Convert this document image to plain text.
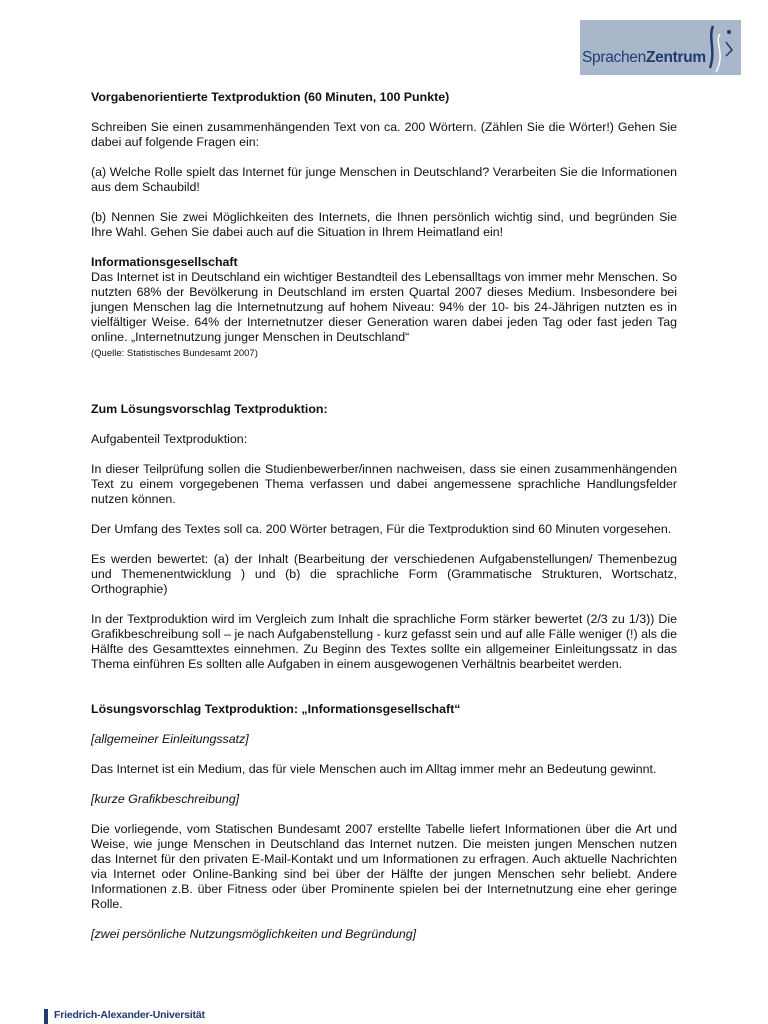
SprachenZentrum
Vorgabenorientierte Textproduktion (60 Minuten, 100 Punkte)
Schreiben Sie einen zusammenhängenden Text von ca. 200 Wörtern. (Zählen Sie die Wörter!) Gehen Sie dabei auf folgende Fragen ein:
(a) Welche Rolle spielt das Internet für junge Menschen in Deutschland? Verarbeiten Sie die Informationen aus dem Schaubild!
(b) Nennen Sie zwei Möglichkeiten des Internets, die Ihnen persönlich wichtig sind, und begründen Sie Ihre Wahl. Gehen Sie dabei auch auf die Situation in Ihrem Heimatland ein!
Informationsgesellschaft
Das Internet ist in Deutschland ein wichtiger Bestandteil des Lebensalltags von immer mehr Menschen. So nutzten 68% der Bevölkerung in Deutschland im ersten Quartal 2007 dieses Medium. Insbesondere bei jungen Menschen lag die Internetnutzung auf hohem Niveau: 94% der 10- bis 24-Jährigen nutzten es in vielfältiger Weise. 64% der Internetnutzer dieser Generation waren dabei jeden Tag oder fast jeden Tag online. „Internetnutzung junger Menschen in Deutschland“
(Quelle: Statistisches Bundesamt 2007)
Zum Lösungsvorschlag Textproduktion:
Aufgabenteil Textproduktion:
In dieser Teilprüfung sollen die Studienbewerber/innen nachweisen, dass sie einen zusammenhängenden Text zu einem vorgegebenen Thema verfassen und dabei angemessene sprachliche Handlungsfelder nutzen können.
Der Umfang des Textes soll ca. 200 Wörter betragen, Für die Textproduktion sind 60 Minuten vorgesehen.
Es werden bewertet: (a) der Inhalt (Bearbeitung der verschiedenen Aufgabenstellungen/ Themenbezug und Themenentwicklung ) und (b) die sprachliche Form (Grammatische Strukturen, Wortschatz, Orthographie)
In der Textproduktion wird im Vergleich zum Inhalt die sprachliche Form stärker bewertet (2/3 zu 1/3)) Die Grafikbeschreibung soll – je nach Aufgabenstellung - kurz gefasst sein und auf alle Fälle weniger (!) als die Hälfte des Gesamttextes einnehmen. Zu Beginn des Textes sollte ein allgemeiner Einleitungssatz in das Thema einführen Es sollten alle Aufgaben in einem ausgewogenen Verhältnis bearbeitet werden.
Lösungsvorschlag Textproduktion: „Informationsgesellschaft“
[allgemeiner Einleitungssatz]
Das Internet ist ein Medium, das für viele Menschen auch im Alltag immer mehr an Bedeutung gewinnt.
[kurze Grafikbeschreibung]
Die vorliegende, vom Statischen Bundesamt 2007 erstellte Tabelle liefert Informationen über die Art und Weise, wie junge Menschen in Deutschland das Internet nutzen. Die meisten jungen Menschen nutzen das Internet für den privaten E-Mail-Kontakt und um Informationen zu erfragen. Auch aktuelle Nachrichten via Internet oder Online-Banking sind bei über der Hälfte der jungen Menschen sehr beliebt. Andere Informationen z.B. über Fitness oder über Prominente spielen bei der Internetnutzung eine eher geringe Rolle.
[zwei persönliche Nutzungsmöglichkeiten und Begründung]
Friedrich-Alexander-Universität
